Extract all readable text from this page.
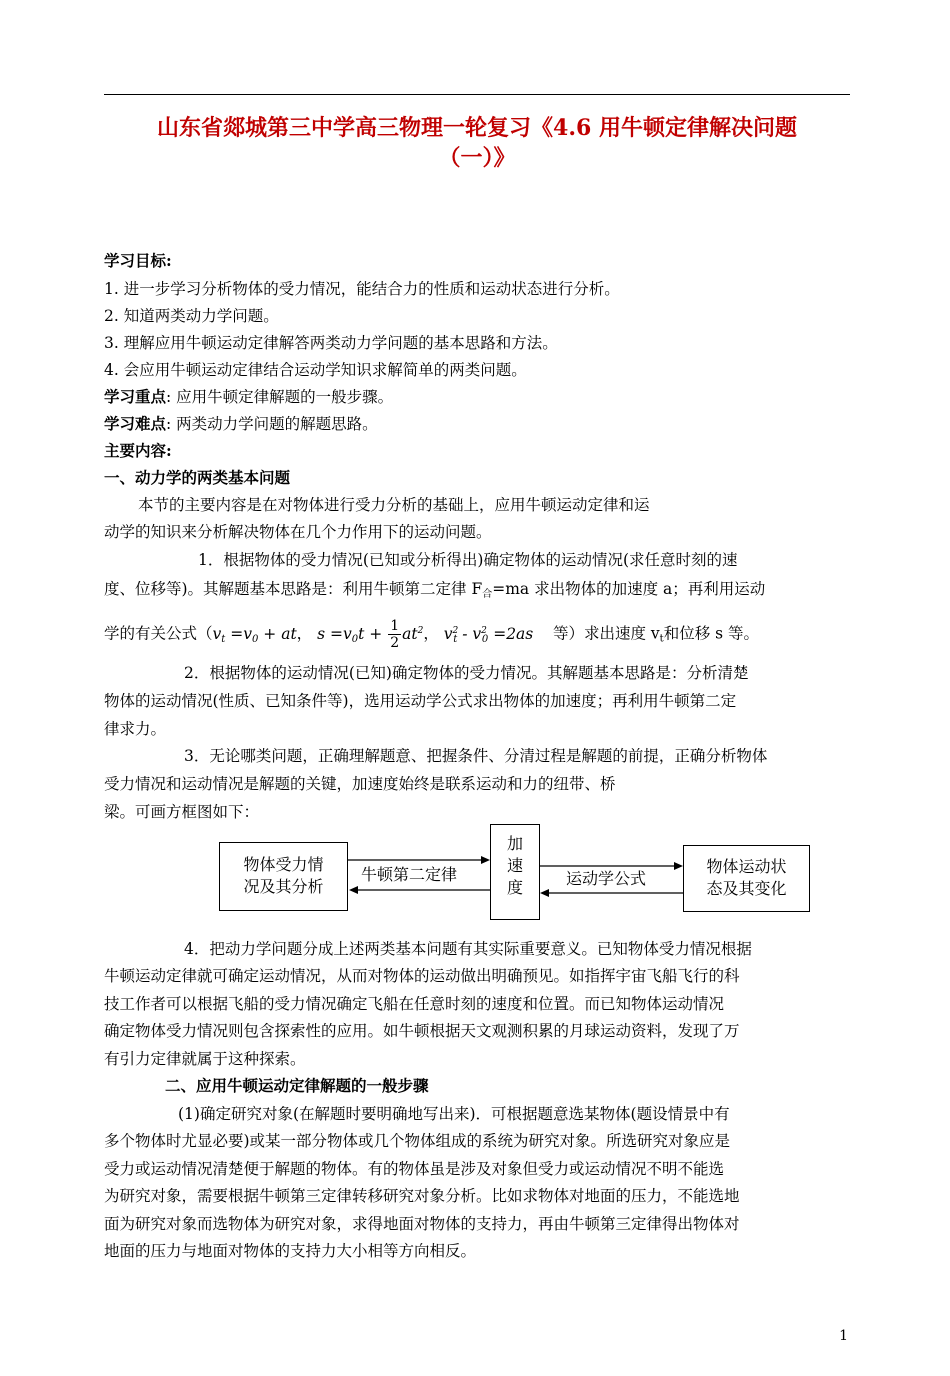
山东省郯城第三中学高三物理一轮复习《4.6 用牛顿定律解决问题
（一）》
学习目标:
1. 进一步学习分析物体的受力情况，能结合力的性质和运动状态进行分析。
2. 知道两类动力学问题。
3. 理解应用牛顿运动定律解答两类动力学问题的基本思路和方法。
4. 会应用牛顿运动定律结合运动学知识求解简单的两类问题。
学习重点: 应用牛顿定律解题的一般步骤。
学习难点: 两类动力学问题的解题思路。
主要内容:
一、动力学的两类基本问题
本节的主要内容是在对物体进行受力分析的基础上，应用牛顿运动定律和运
动学的知识来分析解决物体在几个力作用下的运动问题。
1．根据物体的受力情况(已知或分析得出)确定物体的运动情况(求任意时刻的速
度、位移等)。其解题基本思路是：利用牛顿第二定律 $F_合=ma$ 求出物体的加速度 a；再利用运动
学的有关公式（$v_t =v_0$ + at， $s =v_0t + \frac{1}{2} at^2$， $v^2_t - v^2_0 =2as$ 等）求出速度 $v_t$和位移 s 等。
2．根据物体的运动情况(已知)确定物体的受力情况。其解题基本思路是：分析清楚
物体的运动情况(性质、已知条件等)，选用运动学公式求出物体的加速度；再利用牛顿第二定
律求力。
3．无论哪类问题，正确理解题意、把握条件、分清过程是解题的前提，正确分析物体
受力情况和运动情况是解题的关键，加速度始终是联系运动和力的纽带、桥
梁。可画方框图如下：
物体受力情
况及其分析
加
速
度
物体运动状
态及其变化
牛顿第二定律	运动学公式
4．把动力学问题分成上述两类基本问题有其实际重要意义。已知物体受力情况根据
牛顿运动定律就可确定运动情况，从而对物体的运动做出明确预见。如指挥宇宙飞船飞行的科
技工作者可以根据飞船的受力情况确定飞船在任意时刻的速度和位置。而已知物体运动情况
确定物体受力情况则包含探索性的应用。如牛顿根据天文观测积累的月球运动资料，发现了万
有引力定律就属于这种探索。
二、应用牛顿运动定律解题的一般步骤
(1)确定研究对象(在解题时要明确地写出来)．可根据题意选某物体(题设情景中有
多个物体时尤显必要)或某一部分物体或几个物体组成的系统为研究对象。所选研究对象应是
受力或运动情况清楚便于解题的物体。有的物体虽是涉及对象但受力或运动情况不明不能选
为研究对象，需要根据牛顿第三定律转移研究对象分析。比如求物体对地面的压力，不能选地
面为研究对象而选物体为研究对象，求得地面对物体的支持力，再由牛顿第三定律得出物体对
地面的压力与地面对物体的支持力大小相等方向相反。
1
